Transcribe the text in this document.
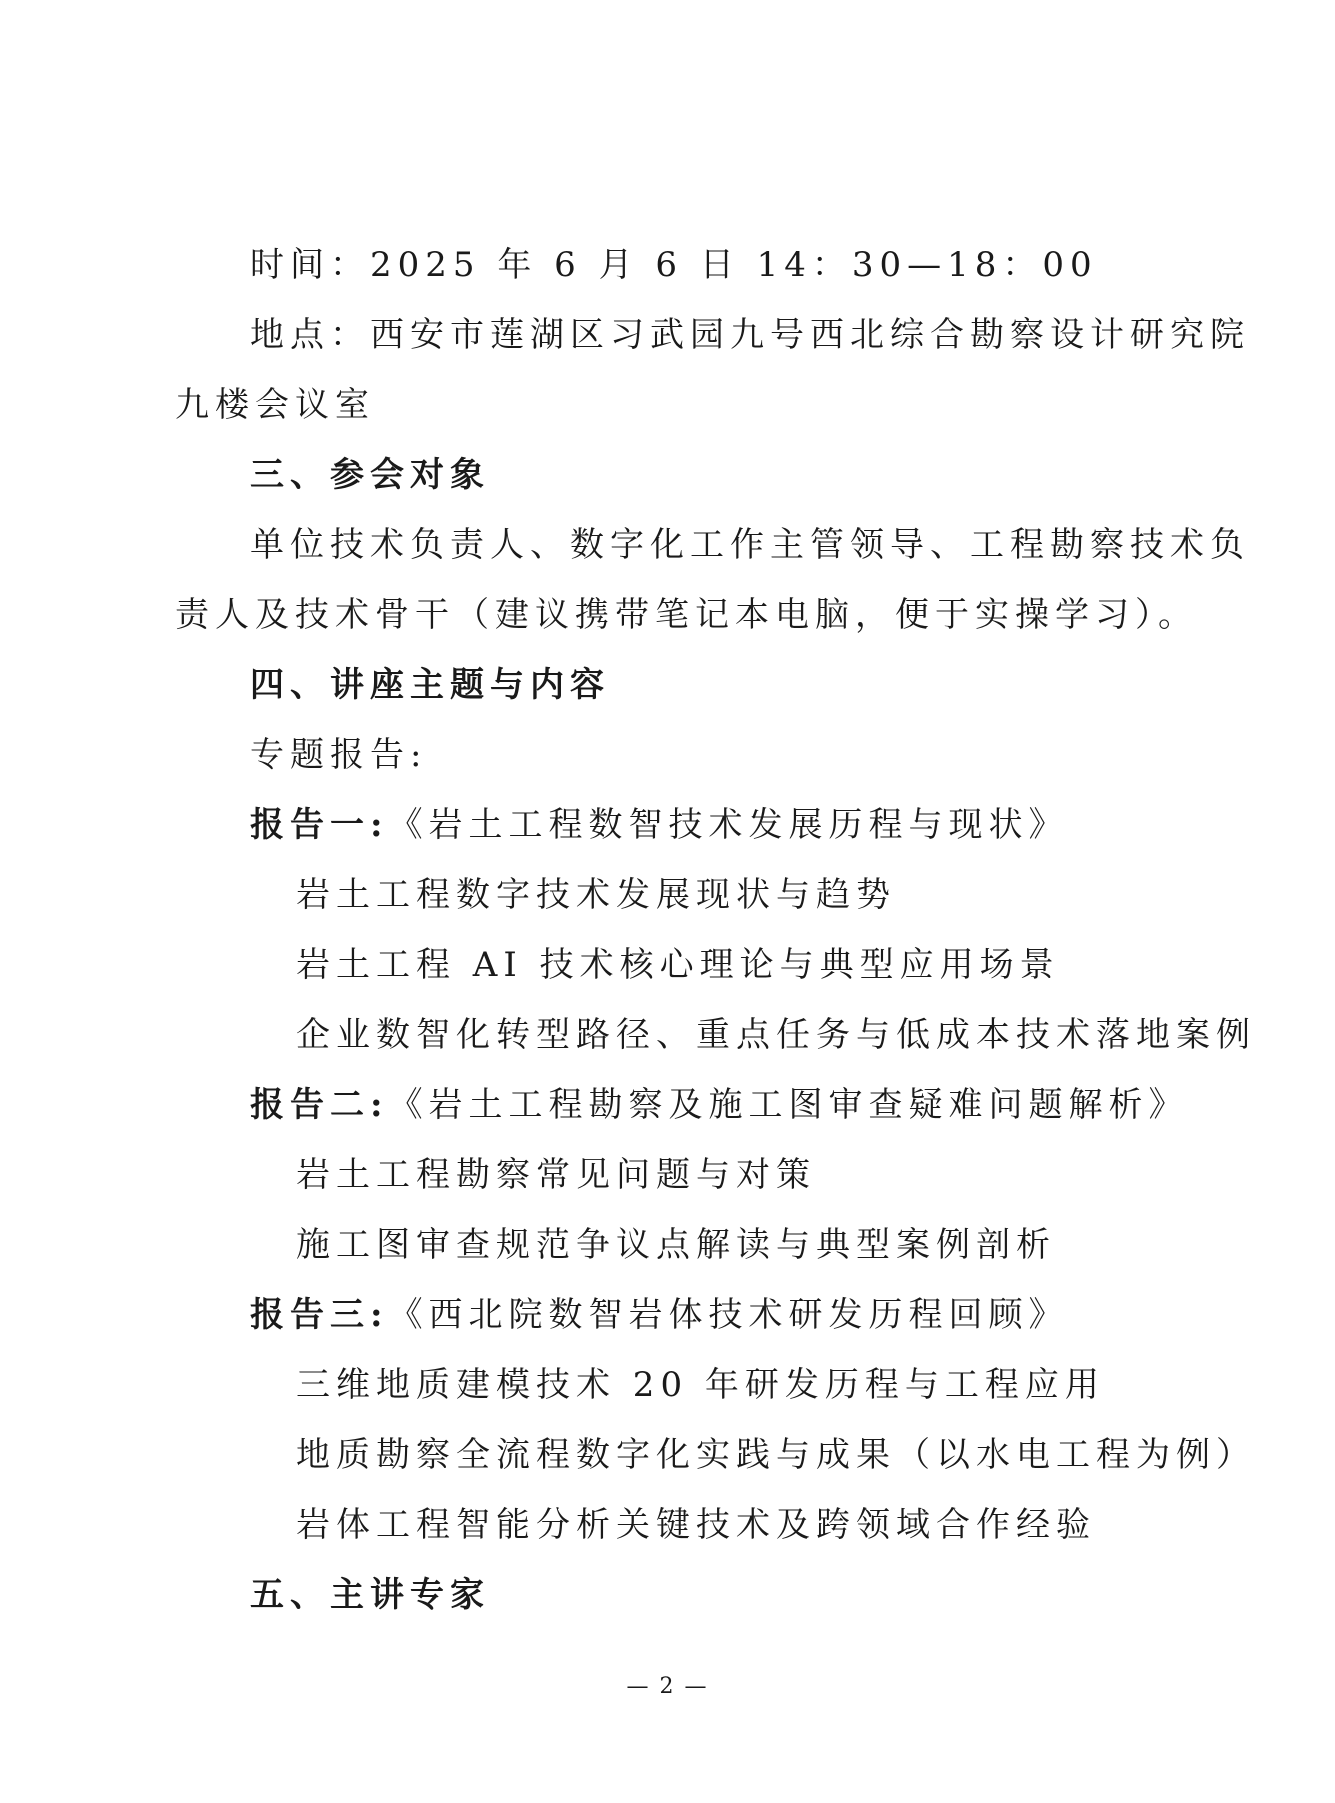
时间：2025 年 6 月 6 日 14：30—18：00
地点：西安市莲湖区习武园九号西北综合勘察设计研究院
九楼会议室
三、参会对象
单位技术负责人、数字化工作主管领导、工程勘察技术负
责人及技术骨干（建议携带笔记本电脑，便于实操学习）。
四、讲座主题与内容
专题报告:
报告一:《岩土工程数智技术发展历程与现状》
岩土工程数字技术发展现状与趋势
岩土工程 AI 技术核心理论与典型应用场景
企业数智化转型路径、重点任务与低成本技术落地案例
报告二:《岩土工程勘察及施工图审查疑难问题解析》
岩土工程勘察常见问题与对策
施工图审查规范争议点解读与典型案例剖析
报告三:《西北院数智岩体技术研发历程回顾》
三维地质建模技术 20 年研发历程与工程应用
地质勘察全流程数字化实践与成果（以水电工程为例）
岩体工程智能分析关键技术及跨领域合作经验
五、主讲专家
— 2 —
